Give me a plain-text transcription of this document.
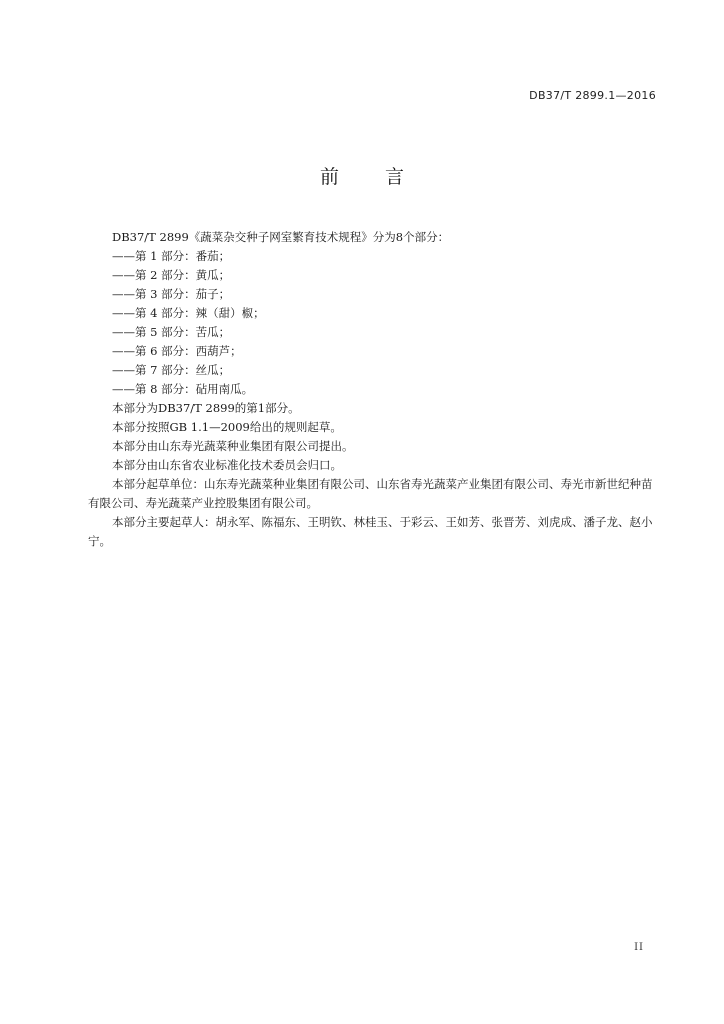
DB37/T 2899.1—2016
前 言

DB37/T 2899《蔬菜杂交种子网室繁育技术规程》分为8个部分：

——第 1 部分：番茄；

——第 2 部分：黄瓜；

——第 3 部分：茄子；

——第 4 部分：辣（甜）椒；

——第 5 部分：苦瓜；

——第 6 部分：西葫芦；

——第 7 部分：丝瓜；

——第 8 部分：砧用南瓜。

本部分为DB37/T 2899的第1部分。

本部分按照GB 1.1—2009给出的规则起草。

本部分由山东寿光蔬菜种业集团有限公司提出。

本部分由山东省农业标准化技术委员会归口。

本部分起草单位：山东寿光蔬菜种业集团有限公司、山东省寿光蔬菜产业集团有限公司、寿光市新世纪种苗有限公司、寿光蔬菜产业控股集团有限公司。

本部分主要起草人：胡永军、陈福东、王明钦、林桂玉、于彩云、王如芳、张晋芳、刘虎成、潘子龙、赵小宁。

II
